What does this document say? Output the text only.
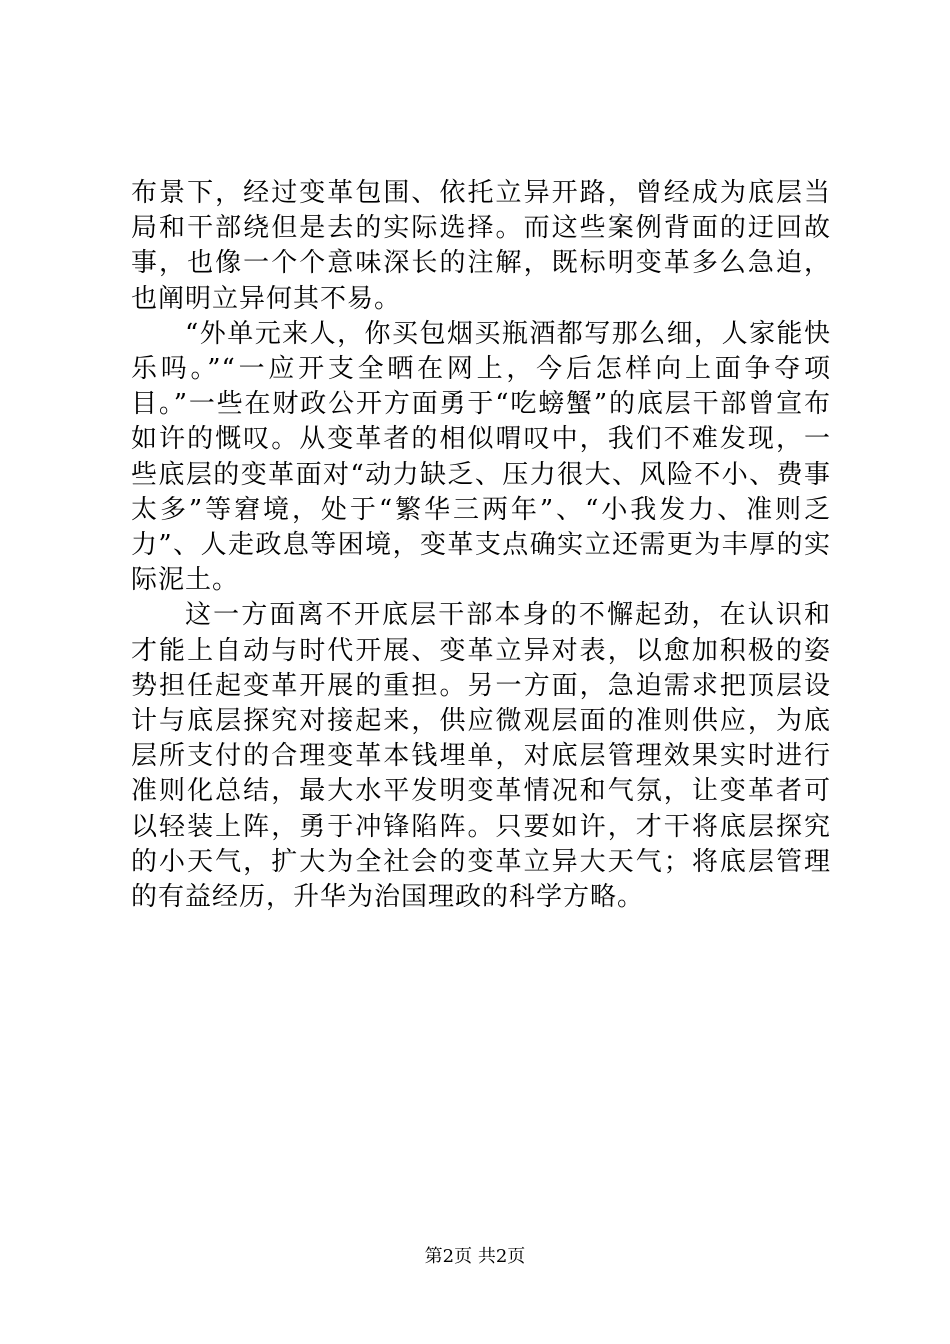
布景下，经过变革包围、依托立异开路，曾经成为底层当局和干部绕但是去的实际选择。而这些案例背面的迂回故事，也像一个个意味深长的注解，既标明变革多么急迫，也阐明立异何其不易。

“外单元来人，你买包烟买瓶酒都写那么细，人家能快乐吗。”“一应开支全晒在网上，今后怎样向上面争夺项目。”一些在财政公开方面勇于“吃螃蟹”的底层干部曾宣布如许的慨叹。从变革者的相似喟叹中，我们不难发现，一些底层的变革面对“动力缺乏、压力很大、风险不小、费事太多”等窘境，处于“繁华三两年”、“小我发力、准则乏力”、人走政息等困境，变革支点确实立还需更为丰厚的实际泥土。

这一方面离不开底层干部本身的不懈起劲，在认识和才能上自动与时代开展、变革立异对表，以愈加积极的姿势担任起变革开展的重担。另一方面，急迫需求把顶层设计与底层探究对接起来，供应微观层面的准则供应，为底层所支付的合理变革本钱埋单，对底层管理效果实时进行准则化总结，最大水平发明变革情况和气氛，让变革者可以轻装上阵，勇于冲锋陷阵。只要如许，才干将底层探究的小天气，扩大为全社会的变革立异大天气；将底层管理的有益经历，升华为治国理政的科学方略。

第2页 共2页
